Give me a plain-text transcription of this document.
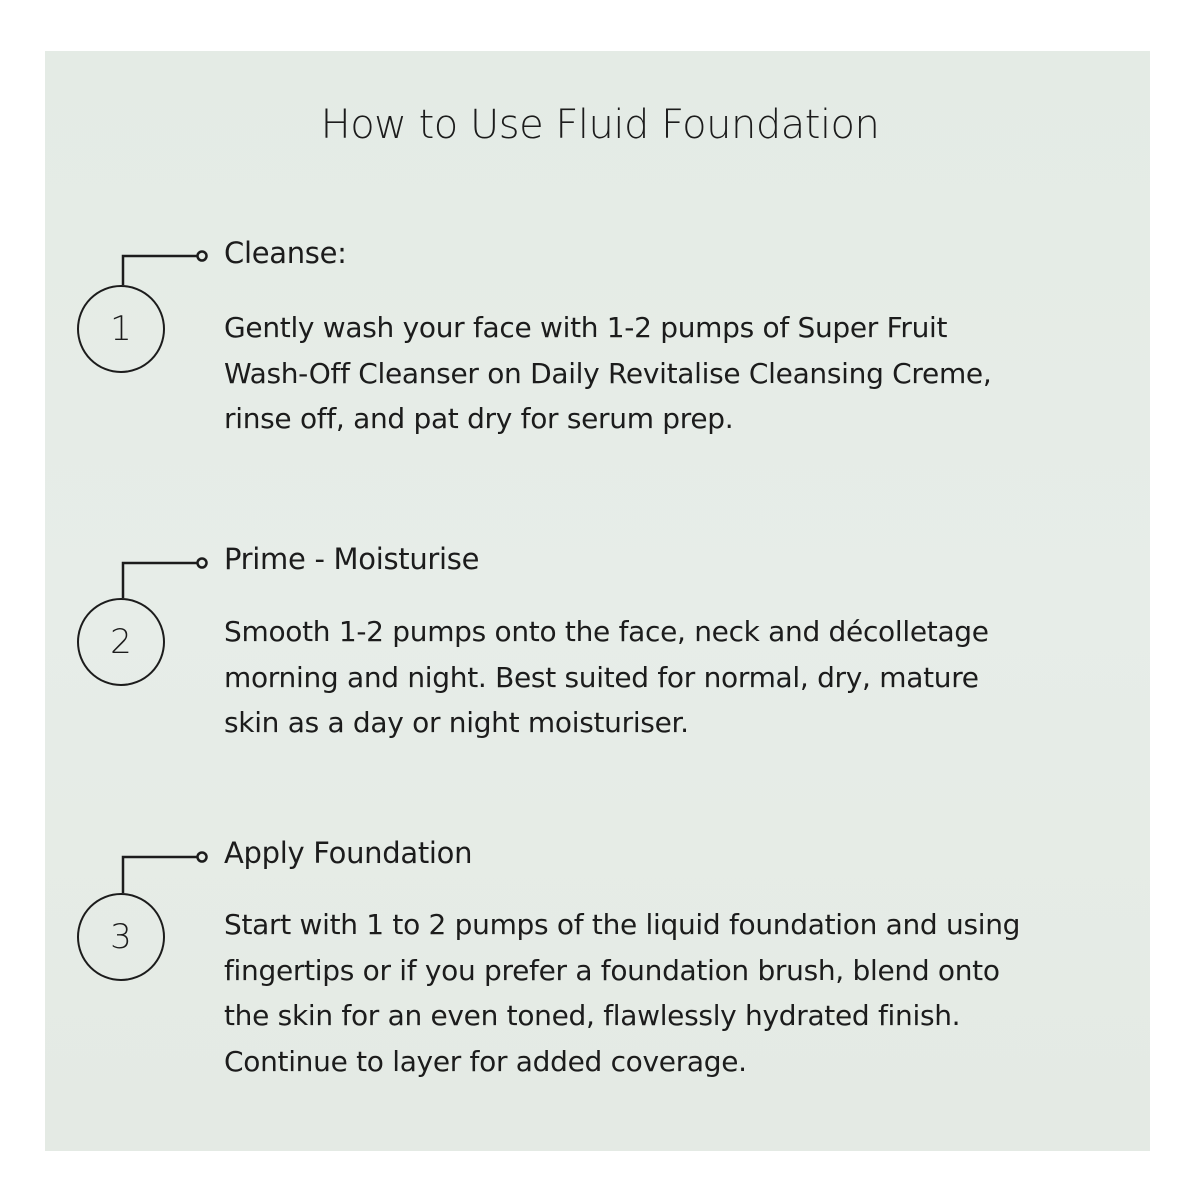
How to Use Fluid Foundation
1
Cleanse:
Gently wash your face with 1-2 pumps of Super Fruit
Wash-Off Cleanser on Daily Revitalise Cleansing Creme,
rinse off, and pat dry for serum prep.
2
Prime - Moisturise
Smooth 1-2 pumps onto the face, neck and décolletage
morning and night. Best suited for normal, dry, mature
skin as a day or night moisturiser.
3
Apply Foundation
Start with 1 to 2 pumps of the liquid foundation and using
fingertips or if you prefer a foundation brush, blend onto
the skin for an even toned, flawlessly hydrated finish.
Continue to layer for added coverage.
